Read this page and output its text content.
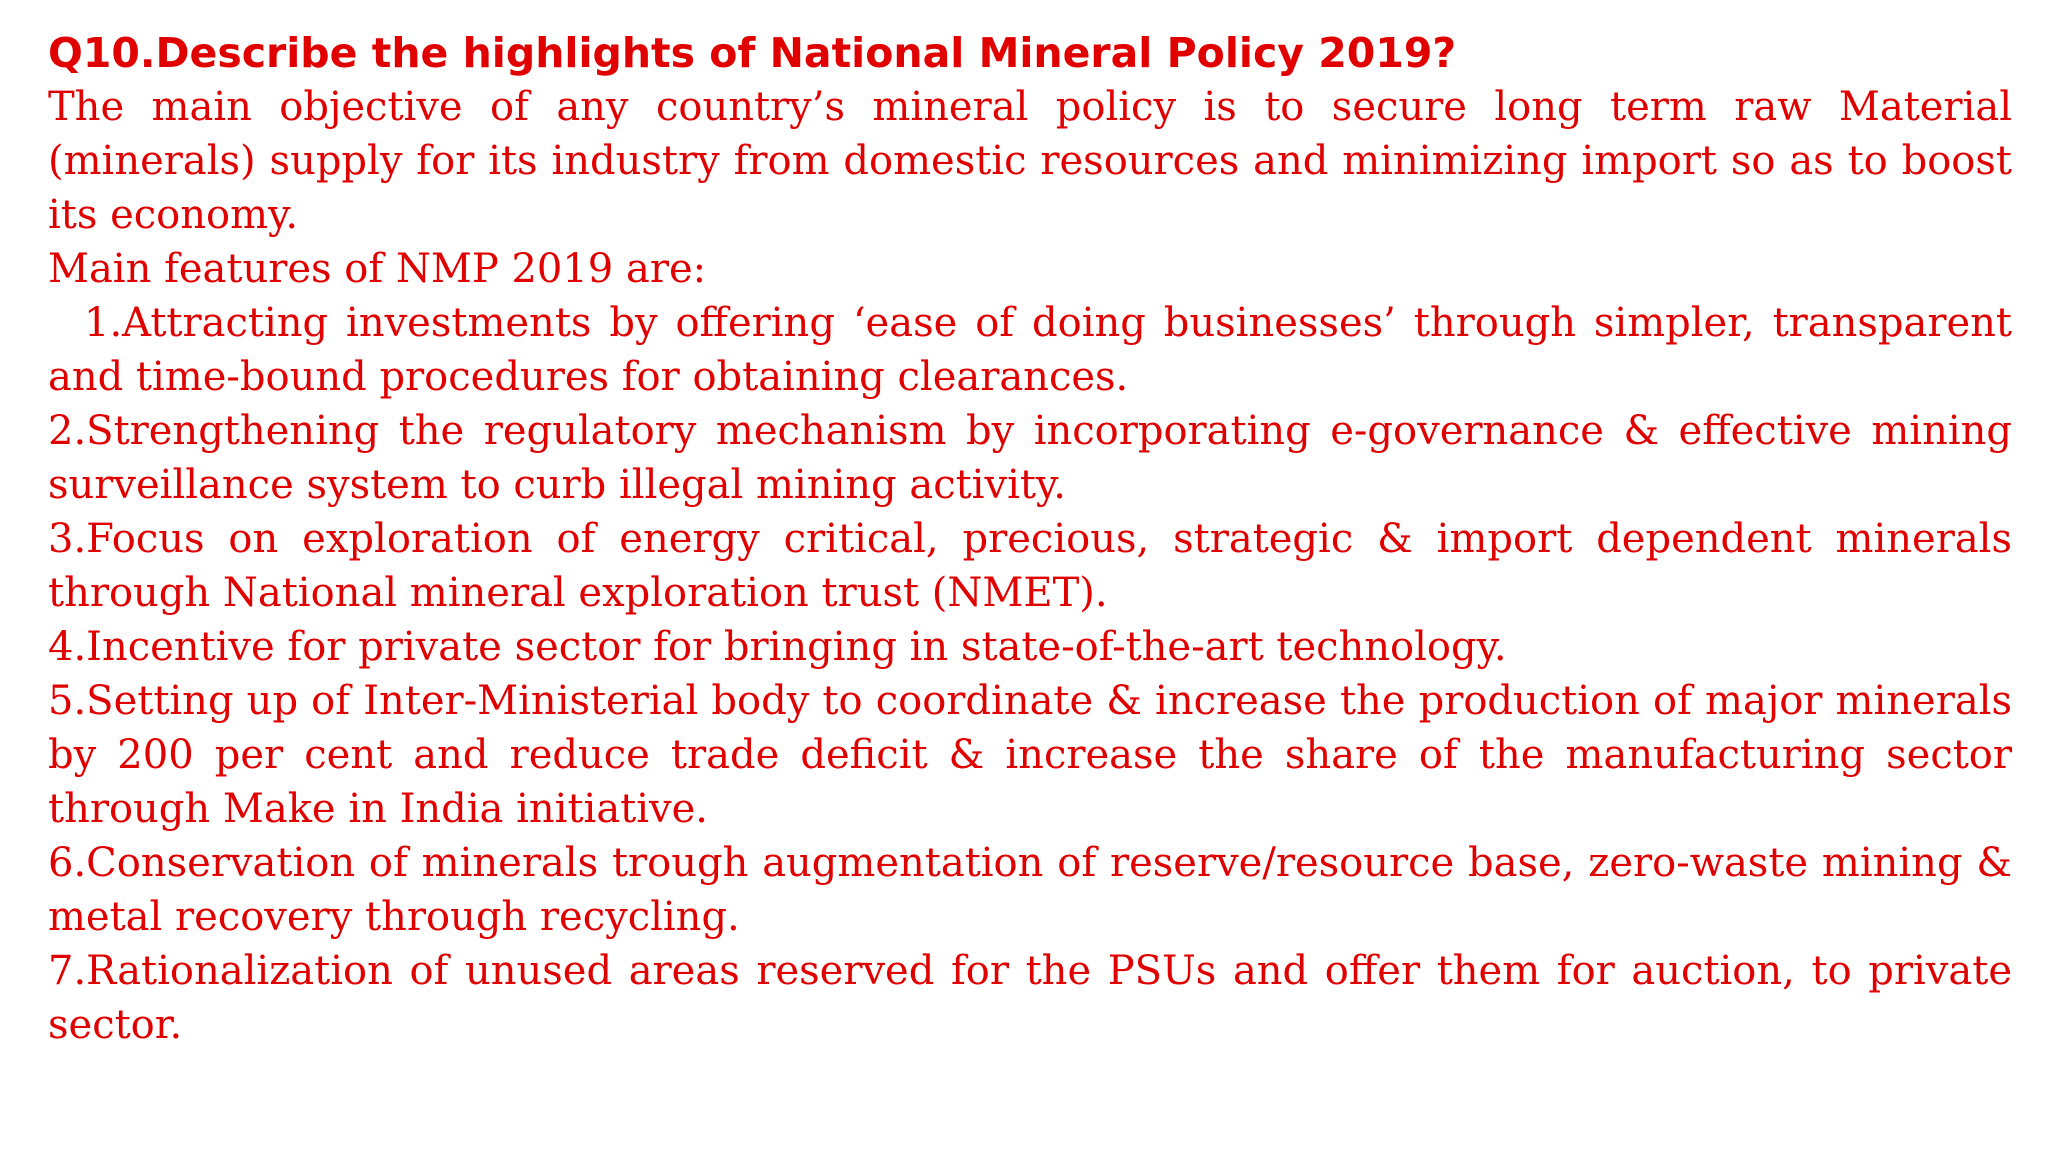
Q10.Describe the highlights of National Mineral Policy 2019?

The main objective of any country’s mineral policy is to secure long term raw Material (minerals) supply for its industry from domestic resources and minimizing import so as to boost its economy.

Main features of NMP 2019 are:

1.Attracting investments by offering ‘ease of doing businesses’ through simpler, transparent and time-bound procedures for obtaining clearances.

2.Strengthening the regulatory mechanism by incorporating e-governance & effective mining surveillance system to curb illegal mining activity.

3.Focus on exploration of energy critical, precious, strategic & import dependent minerals through National mineral exploration trust (NMET).

4.Incentive for private sector for bringing in state-of-the-art technology.

5.Setting up of Inter-Ministerial body to coordinate & increase the production of major minerals by 200 per cent and reduce trade deficit & increase the share of the manufacturing sector through Make in India initiative.

6.Conservation of minerals trough augmentation of reserve/resource base, zero-waste mining & metal recovery through recycling.

7.Rationalization of unused areas reserved for the PSUs and offer them for auction, to private sector.
